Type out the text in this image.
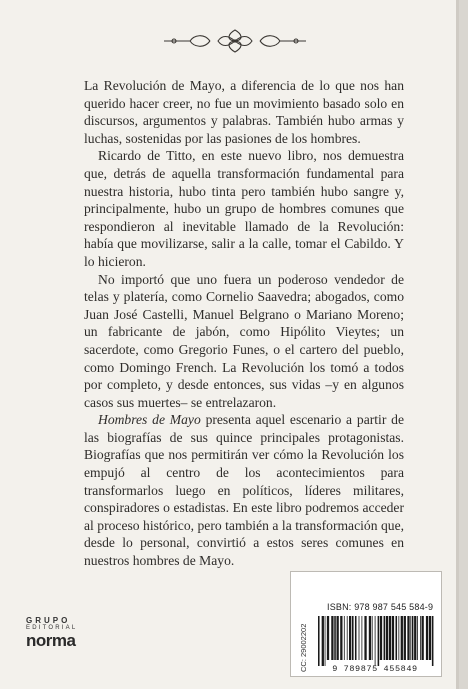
La Revolución de Mayo, a diferencia de lo que nos han querido hacer creer, no fue un movimiento basado solo en discursos, argumentos y palabras. También hubo armas y luchas, sostenidas por las pasiones de los hombres.

Ricardo de Titto, en este nuevo libro, nos demuestra que, detrás de aquella transformación fundamental para nuestra historia, hubo tinta pero también hubo sangre y, principalmente, hubo un grupo de hombres comunes que respondieron al inevitable llamado de la Revolución: había que movilizarse, salir a la calle, tomar el Cabildo. Y lo hicieron.

No importó que uno fuera un poderoso vendedor de telas y platería, como Cornelio Saavedra; abogados, como Juan José Castelli, Manuel Belgrano o Mariano Moreno; un fabricante de jabón, como Hipólito Vieytes; un sacerdote, como Gregorio Funes, o el cartero del pueblo, como Domingo French. La Revolución los tomó a todos por completo, y desde entonces, sus vidas –y en algunos casos sus muertes– se entrelazaron.

Hombres de Mayo presenta aquel escenario a partir de las biografías de sus quince principales protagonistas. Biografías que nos permitirán ver cómo la Revolución los empujó al centro de los acontecimientos para transformarlos luego en políticos, líderes militares, conspiradores o estadistas. En este libro podremos acceder al proceso histórico, pero también a la transformación que, desde lo personal, convirtió a estos seres comunes en nuestros hombres de Mayo.

CC: 29002202
ISBN: 978 987 545 584-9
9 789875 455849
GRUPO
EDITORIAL
norma
